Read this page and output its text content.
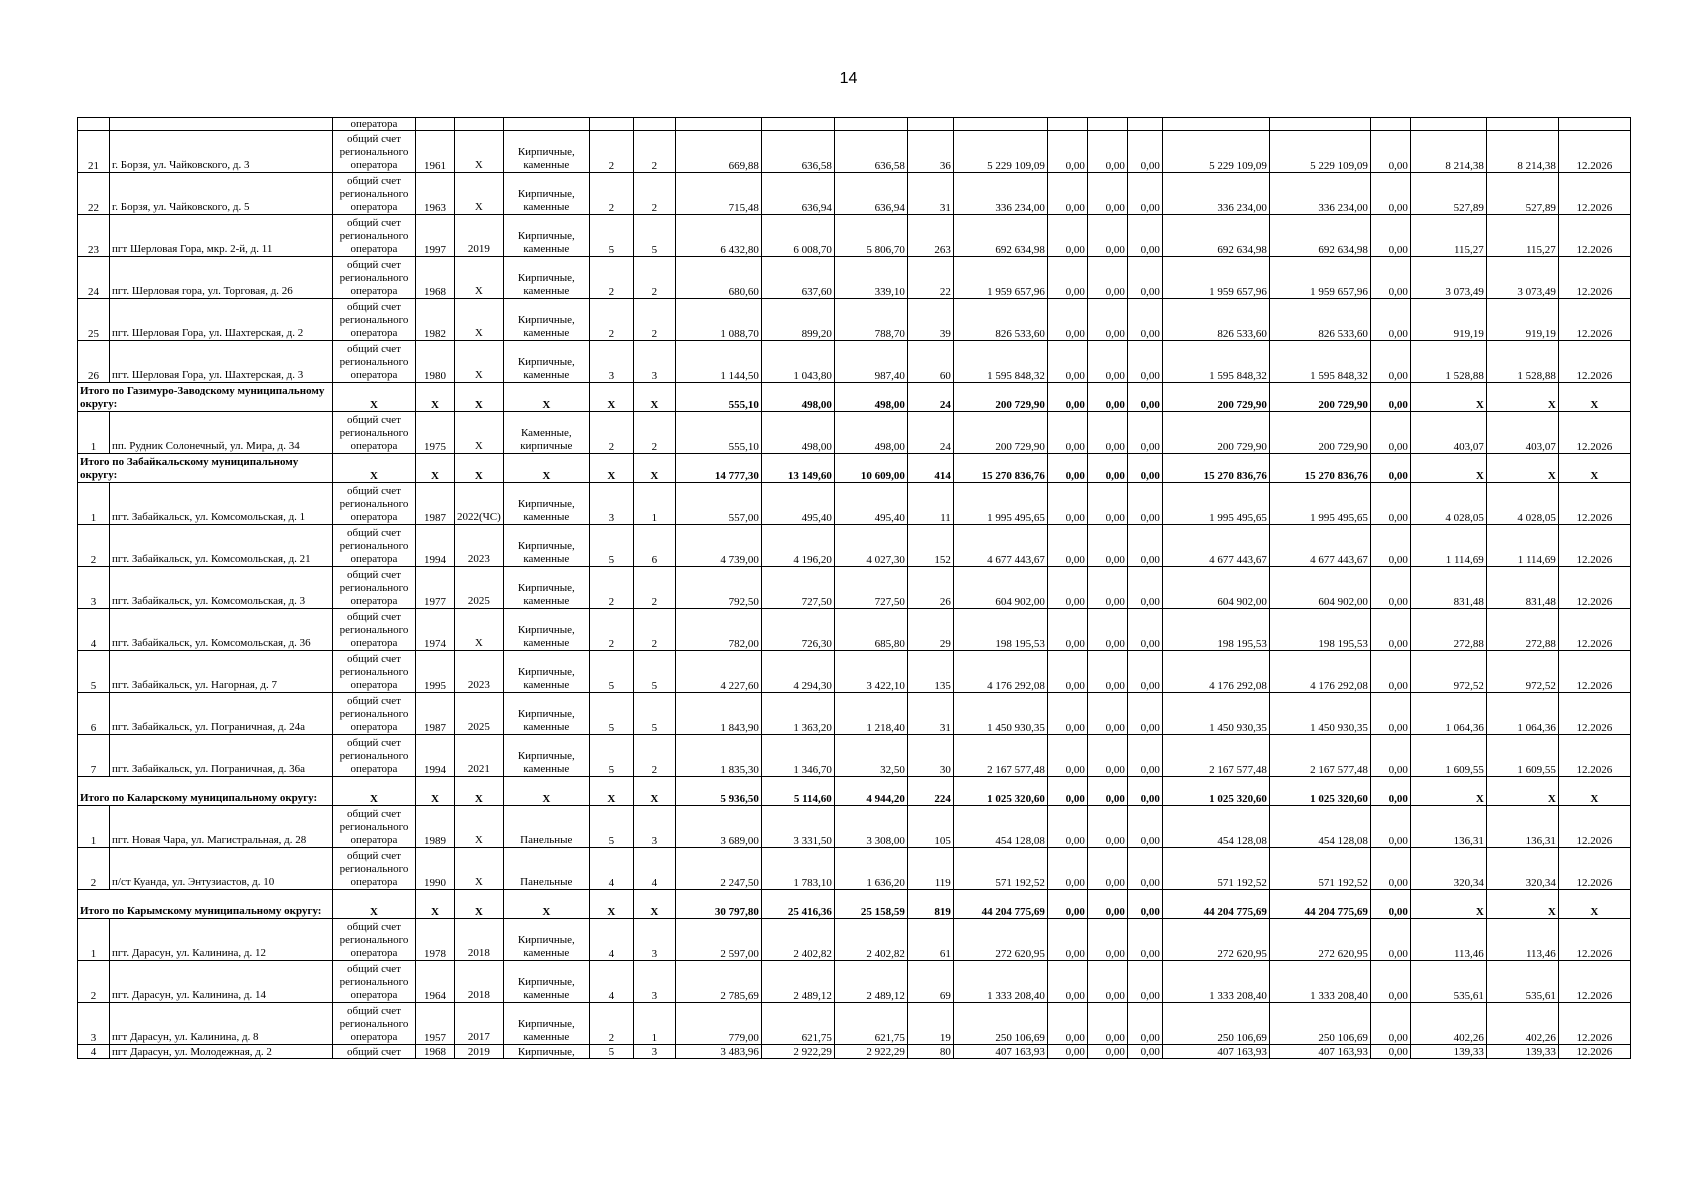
14
		оператора																			
21	г. Борзя, ул. Чайковского, д. 3	общий счет регионального оператора	1961	Х	Кирпичные, каменные	2	2	669,88	636,58	636,58	36	5 229 109,09	0,00	0,00	0,00	5 229 109,09	5 229 109,09	0,00	8 214,38	8 214,38	12.2026
22	г. Борзя, ул. Чайковского, д. 5	общий счет регионального оператора	1963	Х	Кирпичные, каменные	2	2	715,48	636,94	636,94	31	336 234,00	0,00	0,00	0,00	336 234,00	336 234,00	0,00	527,89	527,89	12.2026
23	пгт Шерловая Гора, мкр. 2-й, д. 11	общий счет регионального оператора	1997	2019	Кирпичные, каменные	5	5	6 432,80	6 008,70	5 806,70	263	692 634,98	0,00	0,00	0,00	692 634,98	692 634,98	0,00	115,27	115,27	12.2026
24	пгт. Шерловая гора, ул. Торговая, д. 26	общий счет регионального оператора	1968	Х	Кирпичные, каменные	2	2	680,60	637,60	339,10	22	1 959 657,96	0,00	0,00	0,00	1 959 657,96	1 959 657,96	0,00	3 073,49	3 073,49	12.2026
25	пгт. Шерловая Гора, ул. Шахтерская, д. 2	общий счет регионального оператора	1982	Х	Кирпичные, каменные	2	2	1 088,70	899,20	788,70	39	826 533,60	0,00	0,00	0,00	826 533,60	826 533,60	0,00	919,19	919,19	12.2026
26	пгт. Шерловая Гора, ул. Шахтерская, д. 3	общий счет регионального оператора	1980	Х	Кирпичные, каменные	3	3	1 144,50	1 043,80	987,40	60	1 595 848,32	0,00	0,00	0,00	1 595 848,32	1 595 848,32	0,00	1 528,88	1 528,88	12.2026
Итого по Газимуро-Заводскому муниципальному округу:		Х	Х	Х	Х	Х	Х	555,10	498,00	498,00	24	200 729,90	0,00	0,00	0,00	200 729,90	200 729,90	0,00	Х	Х	Х
1	пп. Рудник Солонечный, ул. Мира, д. 34	общий счет регионального оператора	1975	Х	Каменные, кирпичные	2	2	555,10	498,00	498,00	24	200 729,90	0,00	0,00	0,00	200 729,90	200 729,90	0,00	403,07	403,07	12.2026
Итого по Забайкальскому муниципальному округу:		Х	Х	Х	Х	Х	Х	14 777,30	13 149,60	10 609,00	414	15 270 836,76	0,00	0,00	0,00	15 270 836,76	15 270 836,76	0,00	Х	Х	Х
1	пгт. Забайкальск, ул. Комсомольская, д. 1	общий счет регионального оператора	1987	2022(ЧС)	Кирпичные, каменные	3	1	557,00	495,40	495,40	11	1 995 495,65	0,00	0,00	0,00	1 995 495,65	1 995 495,65	0,00	4 028,05	4 028,05	12.2026
2	пгт. Забайкальск, ул. Комсомольская, д. 21	общий счет регионального оператора	1994	2023	Кирпичные, каменные	5	6	4 739,00	4 196,20	4 027,30	152	4 677 443,67	0,00	0,00	0,00	4 677 443,67	4 677 443,67	0,00	1 114,69	1 114,69	12.2026
3	пгт. Забайкальск, ул. Комсомольская, д. 3	общий счет регионального оператора	1977	2025	Кирпичные, каменные	2	2	792,50	727,50	727,50	26	604 902,00	0,00	0,00	0,00	604 902,00	604 902,00	0,00	831,48	831,48	12.2026
4	пгт. Забайкальск, ул. Комсомольская, д. 36	общий счет регионального оператора	1974	Х	Кирпичные, каменные	2	2	782,00	726,30	685,80	29	198 195,53	0,00	0,00	0,00	198 195,53	198 195,53	0,00	272,88	272,88	12.2026
5	пгт. Забайкальск, ул. Нагорная, д. 7	общий счет регионального оператора	1995	2023	Кирпичные, каменные	5	5	4 227,60	4 294,30	3 422,10	135	4 176 292,08	0,00	0,00	0,00	4 176 292,08	4 176 292,08	0,00	972,52	972,52	12.2026
6	пгт. Забайкальск, ул. Пограничная, д. 24а	общий счет регионального оператора	1987	2025	Кирпичные, каменные	5	5	1 843,90	1 363,20	1 218,40	31	1 450 930,35	0,00	0,00	0,00	1 450 930,35	1 450 930,35	0,00	1 064,36	1 064,36	12.2026
7	пгт. Забайкальск, ул. Пограничная, д. 36а	общий счет регионального оператора	1994	2021	Кирпичные, каменные	5	2	1 835,30	1 346,70	32,50	30	2 167 577,48	0,00	0,00	0,00	2 167 577,48	2 167 577,48	0,00	1 609,55	1 609,55	12.2026
Итого по Каларскому муниципальному округу:		Х	Х	Х	Х	Х	Х	5 936,50	5 114,60	4 944,20	224	1 025 320,60	0,00	0,00	0,00	1 025 320,60	1 025 320,60	0,00	Х	Х	Х
1	пгт. Новая Чара, ул. Магистральная, д. 28	общий счет регионального оператора	1989	Х	Панельные	5	3	3 689,00	3 331,50	3 308,00	105	454 128,08	0,00	0,00	0,00	454 128,08	454 128,08	0,00	136,31	136,31	12.2026
2	п/ст Куанда, ул. Энтузиастов, д. 10	общий счет регионального оператора	1990	Х	Панельные	4	4	2 247,50	1 783,10	1 636,20	119	571 192,52	0,00	0,00	0,00	571 192,52	571 192,52	0,00	320,34	320,34	12.2026
Итого по Карымскому муниципальному округу:		Х	Х	Х	Х	Х	Х	30 797,80	25 416,36	25 158,59	819	44 204 775,69	0,00	0,00	0,00	44 204 775,69	44 204 775,69	0,00	Х	Х	Х
1	пгт. Дарасун, ул. Калинина, д. 12	общий счет регионального оператора	1978	2018	Кирпичные, каменные	4	3	2 597,00	2 402,82	2 402,82	61	272 620,95	0,00	0,00	0,00	272 620,95	272 620,95	0,00	113,46	113,46	12.2026
2	пгт. Дарасун, ул. Калинина, д. 14	общий счет регионального оператора	1964	2018	Кирпичные, каменные	4	3	2 785,69	2 489,12	2 489,12	69	1 333 208,40	0,00	0,00	0,00	1 333 208,40	1 333 208,40	0,00	535,61	535,61	12.2026
3	пгт Дарасун, ул. Калинина, д. 8	общий счет регионального оператора	1957	2017	Кирпичные, каменные	2	1	779,00	621,75	621,75	19	250 106,69	0,00	0,00	0,00	250 106,69	250 106,69	0,00	402,26	402,26	12.2026
4	пгт Дарасун, ул. Молодежная, д. 2	общий счет	1968	2019	Кирпичные,	5	3	3 483,96	2 922,29	2 922,29	80	407 163,93	0,00	0,00	0,00	407 163,93	407 163,93	0,00	139,33	139,33	12.2026
